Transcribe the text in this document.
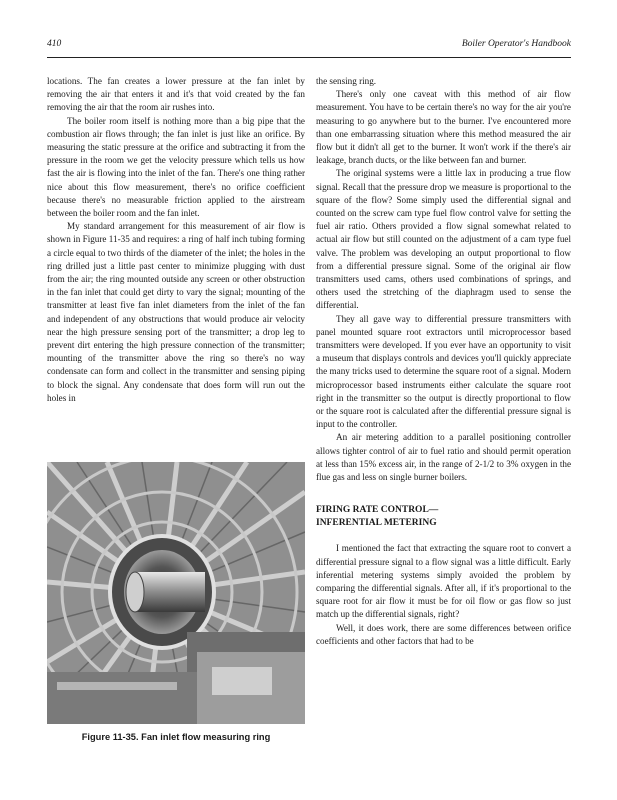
410	Boiler Operator's Handbook

locations. The fan creates a lower pressure at the fan inlet by removing the air that enters it and it's that void created by the fan removing the air that the room air rushes into.

The boiler room itself is nothing more than a big pipe that the combustion air flows through; the fan inlet is just like an orifice. By measuring the static pressure at the orifice and subtracting it from the pressure in the room we get the velocity pressure which tells us how fast the air is flowing into the inlet of the fan. There's one thing rather nice about this flow measurement, there's no orifice coefficient because there's no measurable friction applied to the airstream between the boiler room and the fan inlet.

My standard arrangement for this measurement of air flow is shown in Figure 11-35 and requires: a ring of half inch tubing forming a circle equal to two thirds of the diameter of the inlet; the holes in the ring drilled just a little past center to minimize plugging with dust from the air; the ring mounted outside any screen or other obstruction in the fan inlet that could get dirty to vary the signal; mounting of the transmitter at least five fan inlet diameters from the inlet of the fan and independent of any obstructions that would produce air velocity near the high pressure sensing port of the transmitter; a drop leg to prevent dirt entering the high pressure connection of the transmitter; mounting of the transmitter above the ring so there's no way condensate can form and collect in the transmitter and sensing piping to block the signal. Any condensate that does form will run out the holes in

Figure 11-35. Fan inlet flow measuring ring

the sensing ring.

There's only one caveat with this method of air flow measurement. You have to be certain there's no way for the air you're measuring to go anywhere but to the burner. I've encountered more than one embarrassing situation where this method measured the air flow but it didn't all get to the burner. It won't work if the there's air leakage, branch ducts, or the like between fan and burner.

The original systems were a little lax in producing a true flow signal. Recall that the pressure drop we measure is proportional to the square of the flow? Some simply used the differential signal and counted on the screw cam type fuel flow control valve for setting the fuel air ratio. Others provided a flow signal somewhat related to actual air flow but still counted on the adjustment of a cam type fuel valve. The problem was developing an output proportional to flow from a differential pressure signal. Some of the original air flow transmitters used cams, others used combinations of springs, and others used the stretching of the diaphragm used to sense the differential.

They all gave way to differential pressure transmitters with panel mounted square root extractors until microprocessor based transmitters were developed. If you ever have an opportunity to visit a museum that displays controls and devices you'll quickly appreciate the many tricks used to determine the square root of a signal. Modern microprocessor based instruments either calculate the square root right in the transmitter so the output is directly proportional to flow or the square root is calculated after the differential pressure signal is input to the controller.

An air metering addition to a parallel positioning controller allows tighter control of air to fuel ratio and should permit operation at less than 15% excess air, in the range of 2-1/2 to 3% oxygen in the flue gas and less on single burner boilers.

FIRING RATE CONTROL—
INFERENTIAL METERING

I mentioned the fact that extracting the square root to convert a differential pressure signal to a flow signal was a little difficult. Early inferential metering systems simply avoided the problem by comparing the differential signals. After all, if it's proportional to the square root for air flow it must be for oil flow or gas flow so just match up the differential signals, right?

Well, it does work, there are some differences between orifice coefficients and other factors that had to be
